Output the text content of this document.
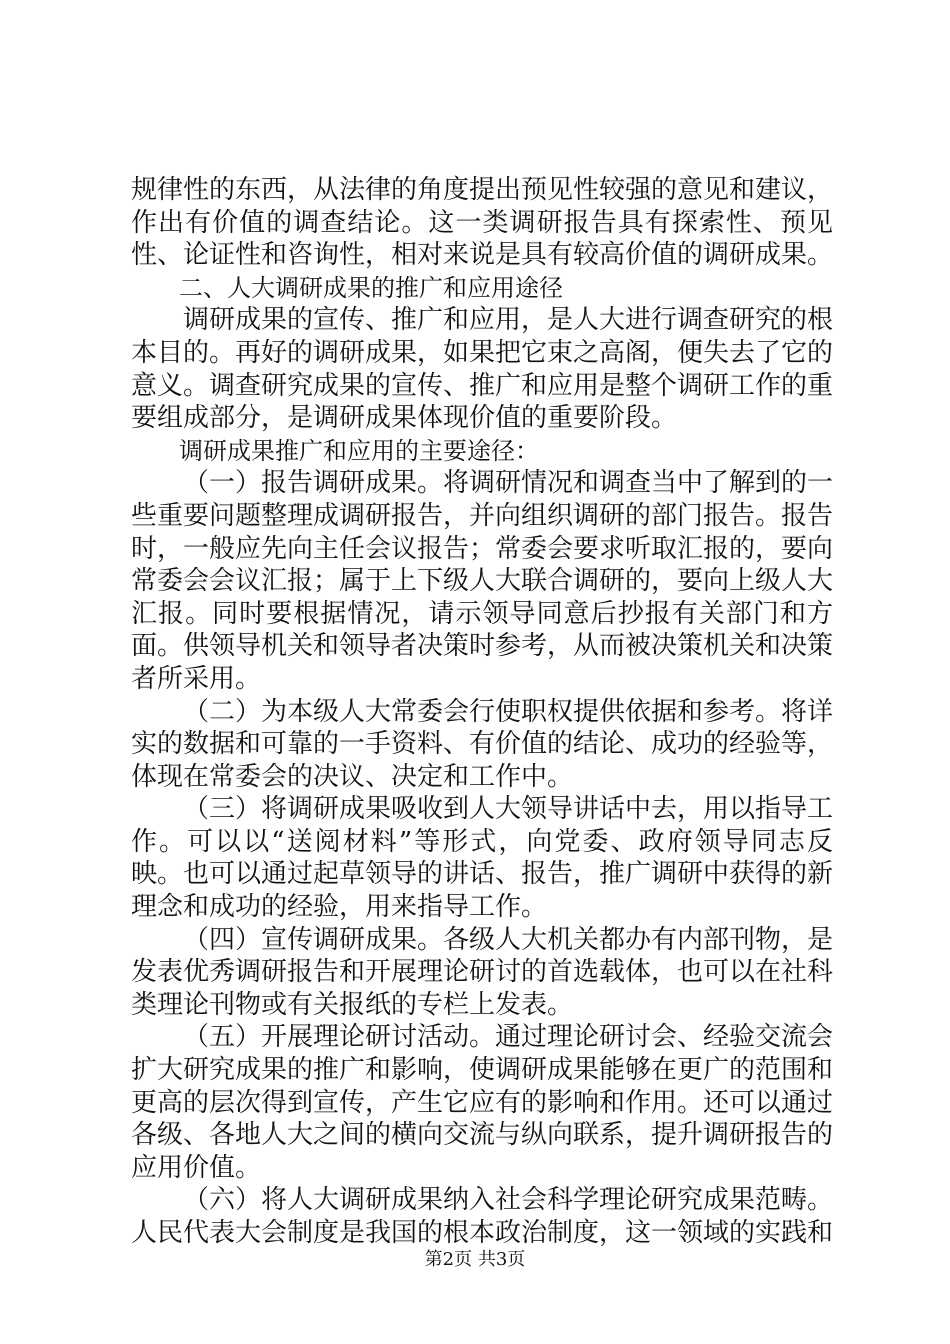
规律性的东西，从法律的角度提出预见性较强的意见和建议，作出有价值的调查结论。这一类调研报告具有探索性、预见性、论证性和咨询性，相对来说是具有较高价值的调研成果。

二、人大调研成果的推广和应用途径

调研成果的宣传、推广和应用，是人大进行调查研究的根本目的。再好的调研成果，如果把它束之高阁，便失去了它的意义。调查研究成果的宣传、推广和应用是整个调研工作的重要组成部分，是调研成果体现价值的重要阶段。

调研成果推广和应用的主要途径：

（一）报告调研成果。将调研情况和调查当中了解到的一些重要问题整理成调研报告，并向组织调研的部门报告。报告时，一般应先向主任会议报告；常委会要求听取汇报的，要向常委会会议汇报；属于上下级人大联合调研的，要向上级人大汇报。同时要根据情况，请示领导同意后抄报有关部门和方面。供领导机关和领导者决策时参考，从而被决策机关和决策者所采用。

（二）为本级人大常委会行使职权提供依据和参考。将详实的数据和可靠的一手资料、有价值的结论、成功的经验等，体现在常委会的决议、决定和工作中。

（三）将调研成果吸收到人大领导讲话中去，用以指导工作。可以以“送阅材料”等形式，向党委、政府领导同志反映。也可以通过起草领导的讲话、报告，推广调研中获得的新理念和成功的经验，用来指导工作。

（四）宣传调研成果。各级人大机关都办有内部刊物，是发表优秀调研报告和开展理论研讨的首选载体，也可以在社科类理论刊物或有关报纸的专栏上发表。

（五）开展理论研讨活动。通过理论研讨会、经验交流会扩大研究成果的推广和影响，使调研成果能够在更广的范围和更高的层次得到宣传，产生它应有的影响和作用。还可以通过各级、各地人大之间的横向交流与纵向联系，提升调研报告的应用价值。

（六）将人大调研成果纳入社会科学理论研究成果范畴。人民代表大会制度是我国的根本政治制度，这一领域的实践和

第2页 共3页
